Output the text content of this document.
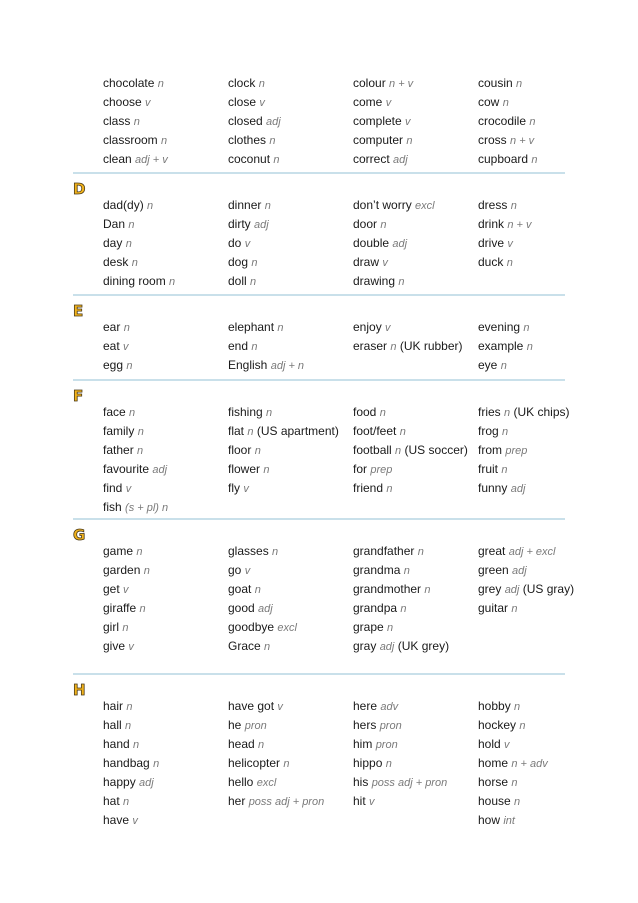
chocolate n
choose v
class n
classroom n
clean adj + v
clock n
close v
closed adj
clothes n
coconut n
colour n + v
come v
complete v
computer n
correct adj
cousin n
cow n
crocodile n
cross n + v
cupboard n
D
dad(dy) n
Dan n
day n
desk n
dining room n
dinner n
dirty adj
do v
dog n
doll n
don’t worry excl
door n
double adj
draw v
drawing n
dress n
drink n + v
drive v
duck n
E
ear n
eat v
egg n
elephant n
end n
English adj + n
enjoy v
eraser n (UK rubber)
evening n
example n
eye n
F
face n
family n
father n
favourite adj
find v
fish (s + pl) n
fishing n
flat n (US apartment)
floor n
flower n
fly v
food n
foot/feet n
football n (US soccer)
for prep
friend n
fries n (UK chips)
frog n
from prep
fruit n
funny adj
G
game n
garden n
get v
giraffe n
girl n
give v
glasses n
go v
goat n
good adj
goodbye excl
Grace n
grandfather n
grandma n
grandmother n
grandpa n
grape n
gray adj (UK grey)
great adj + excl
green adj
grey adj (US gray)
guitar n
H
hair n
hall n
hand n
handbag n
happy adj
hat n
have v
have got v
he pron
head n
helicopter n
hello excl
her poss adj + pron
here adv
hers pron
him pron
hippo n
his poss adj + pron
hit v
hobby n
hockey n
hold v
home n + adv
horse n
house n
how int
